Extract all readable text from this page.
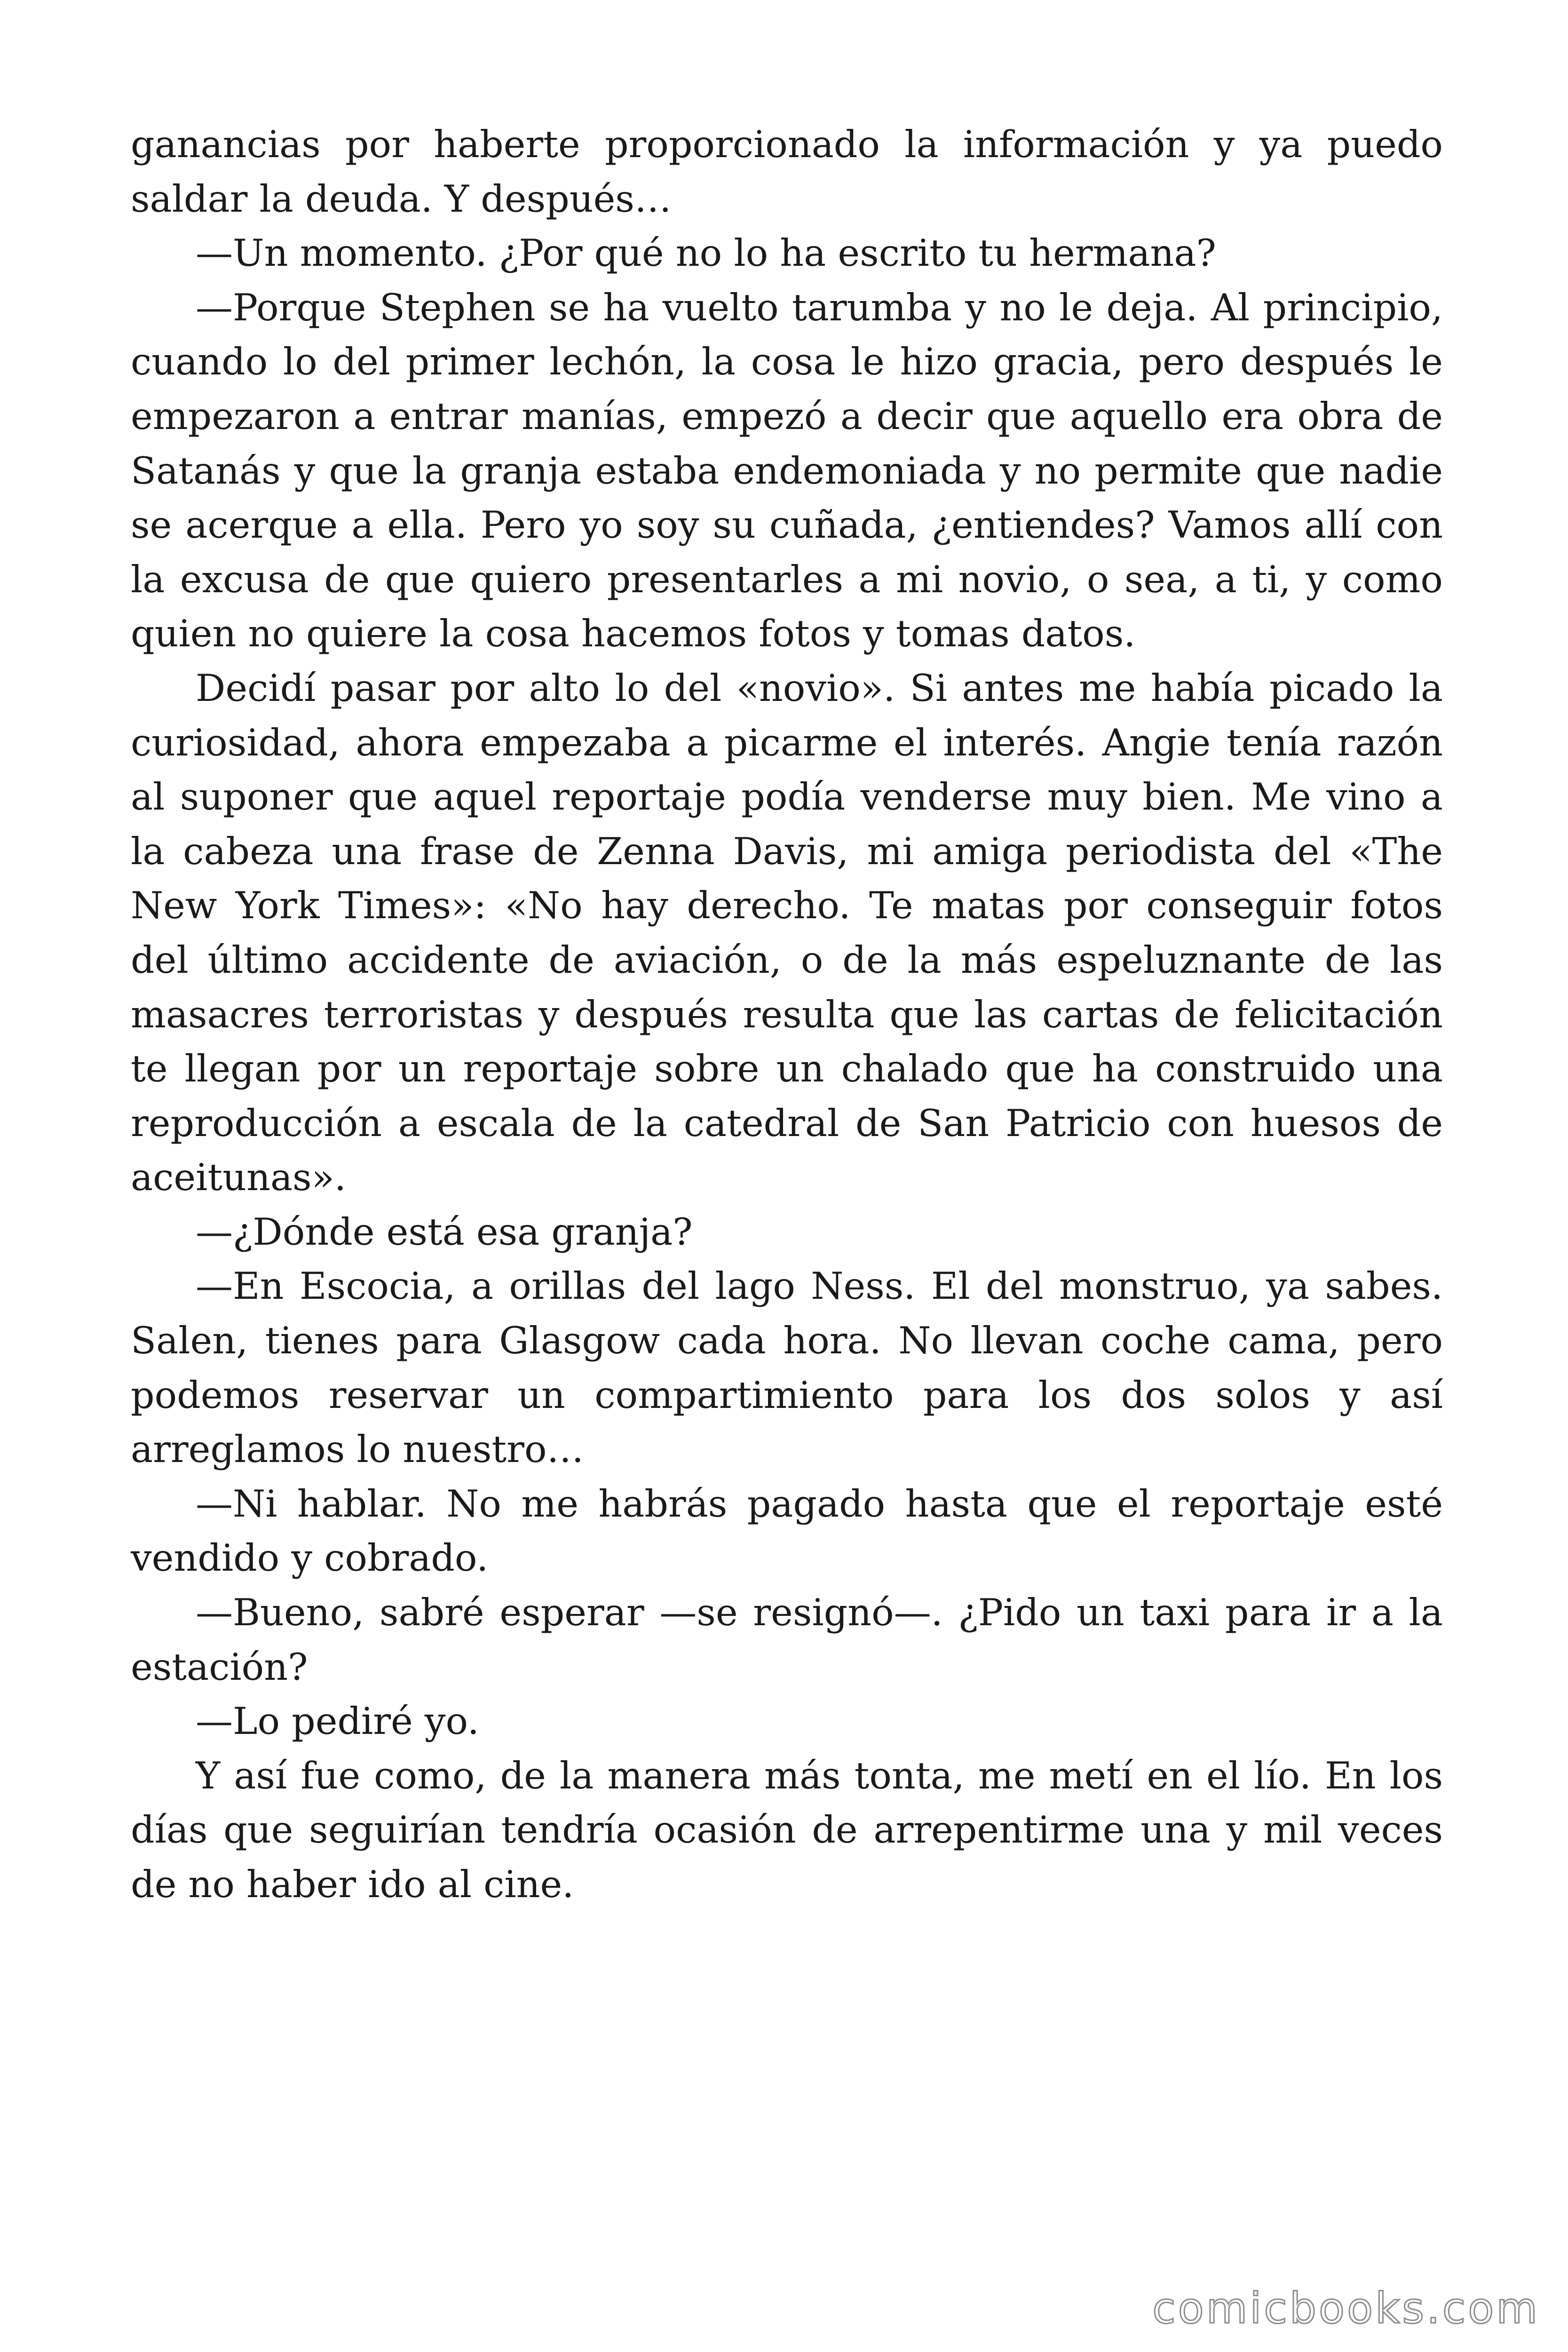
ganancias por haberte proporcionado la información y ya puedo saldar la deuda. Y después…

—Un momento. ¿Por qué no lo ha escrito tu hermana?

—Porque Stephen se ha vuelto tarumba y no le deja. Al principio, cuando lo del primer lechón, la cosa le hizo gracia, pero después le empezaron a entrar manías, empezó a decir que aquello era obra de Satanás y que la granja estaba endemoniada y no permite que nadie se acerque a ella. Pero yo soy su cuñada, ¿entiendes? Vamos allí con la excusa de que quiero presentarles a mi novio, o sea, a ti, y como quien no quiere la cosa hacemos fotos y tomas datos.

Decidí pasar por alto lo del «novio». Si antes me había picado la curiosidad, ahora empezaba a picarme el interés. Angie tenía razón al suponer que aquel reportaje podía venderse muy bien. Me vino a la cabeza una frase de Zenna Davis, mi amiga periodista del «The New York Times»: «No hay derecho. Te matas por conseguir fotos del último accidente de aviación, o de la más espeluznante de las masacres terroristas y después resulta que las cartas de felicitación te llegan por un reportaje sobre un chalado que ha construido una reproducción a escala de la catedral de San Patricio con huesos de aceitunas».

—¿Dónde está esa granja?

—En Escocia, a orillas del lago Ness. El del monstruo, ya sabes. Salen, tienes para Glasgow cada hora. No llevan coche cama, pero podemos reservar un compartimiento para los dos solos y así arreglamos lo nuestro…

—Ni hablar. No me habrás pagado hasta que el reportaje esté vendido y cobrado.

—Bueno, sabré esperar —se resignó—. ¿Pido un taxi para ir a la estación?

—Lo pediré yo.

Y así fue como, de la manera más tonta, me metí en el lío. En los días que seguirían tendría ocasión de arrepentirme una y mil veces de no haber ido al cine.

comicbooks.com
